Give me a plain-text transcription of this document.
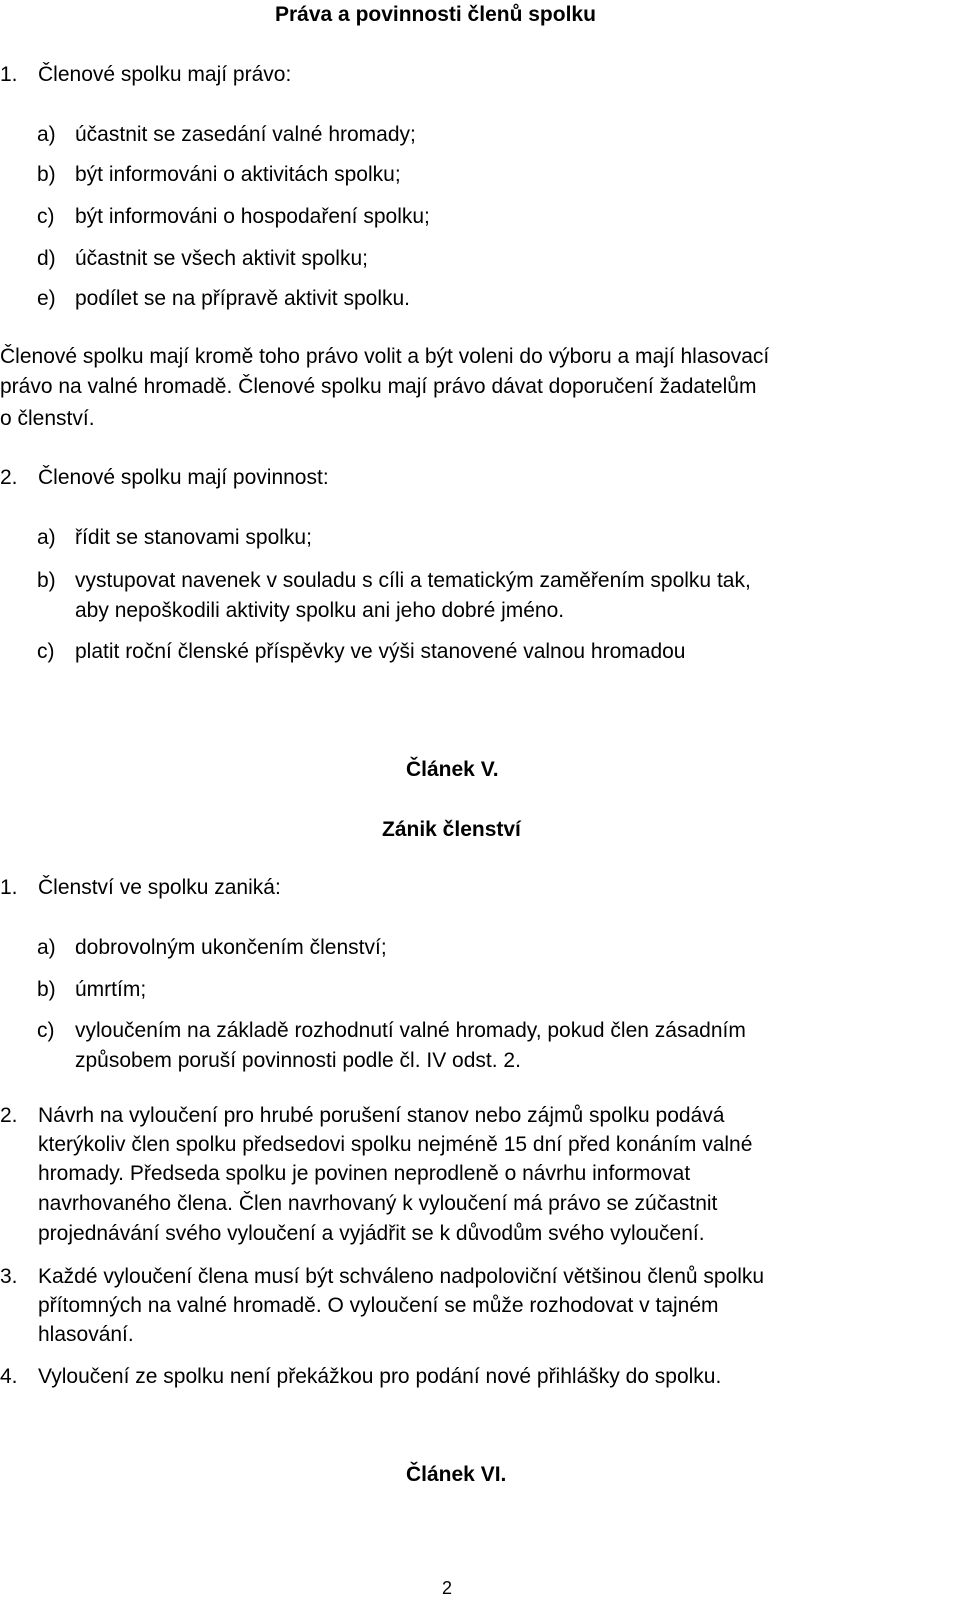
Práva a povinnosti členů spolku
1. Členové spolku mají právo:
a) účastnit se zasedání valné hromady;
b) být informováni o aktivitách spolku;
c) být informováni o hospodaření spolku;
d) účastnit se všech aktivit spolku;
e) podílet se na přípravě aktivit spolku.
Členové spolku mají kromě toho právo volit a být voleni do výboru a mají hlasovací
právo na valné hromadě. Členové spolku mají právo dávat doporučení žadatelům
o členství.
2. Členové spolku mají povinnost:
a) řídit se stanovami spolku;
b) vystupovat navenek v souladu s cíli a tematickým zaměřením spolku tak,
aby nepoškodili aktivity spolku ani jeho dobré jméno.
c) platit roční členské příspěvky ve výši stanovené valnou hromadou
Článek V.
Zánik členství
1. Členství ve spolku zaniká:
a) dobrovolným ukončením členství;
b) úmrtím;
c) vyloučením na základě rozhodnutí valné hromady, pokud člen zásadním
způsobem poruší povinnosti podle čl. IV odst. 2.
2. Návrh na vyloučení pro hrubé porušení stanov nebo zájmů spolku podává
kterýkoliv člen spolku předsedovi spolku nejméně 15 dní před konáním valné
hromady. Předseda spolku je povinen neprodleně o návrhu informovat
navrhovaného člena. Člen navrhovaný k vyloučení má právo se zúčastnit
projednávání svého vyloučení a vyjádřit se k důvodům svého vyloučení.
3. Každé vyloučení člena musí být schváleno nadpoloviční většinou členů spolku
přítomných na valné hromadě. O vyloučení se může rozhodovat v tajném
hlasování.
4. Vyloučení ze spolku není překážkou pro podání nové přihlášky do spolku.
Článek VI.
2
